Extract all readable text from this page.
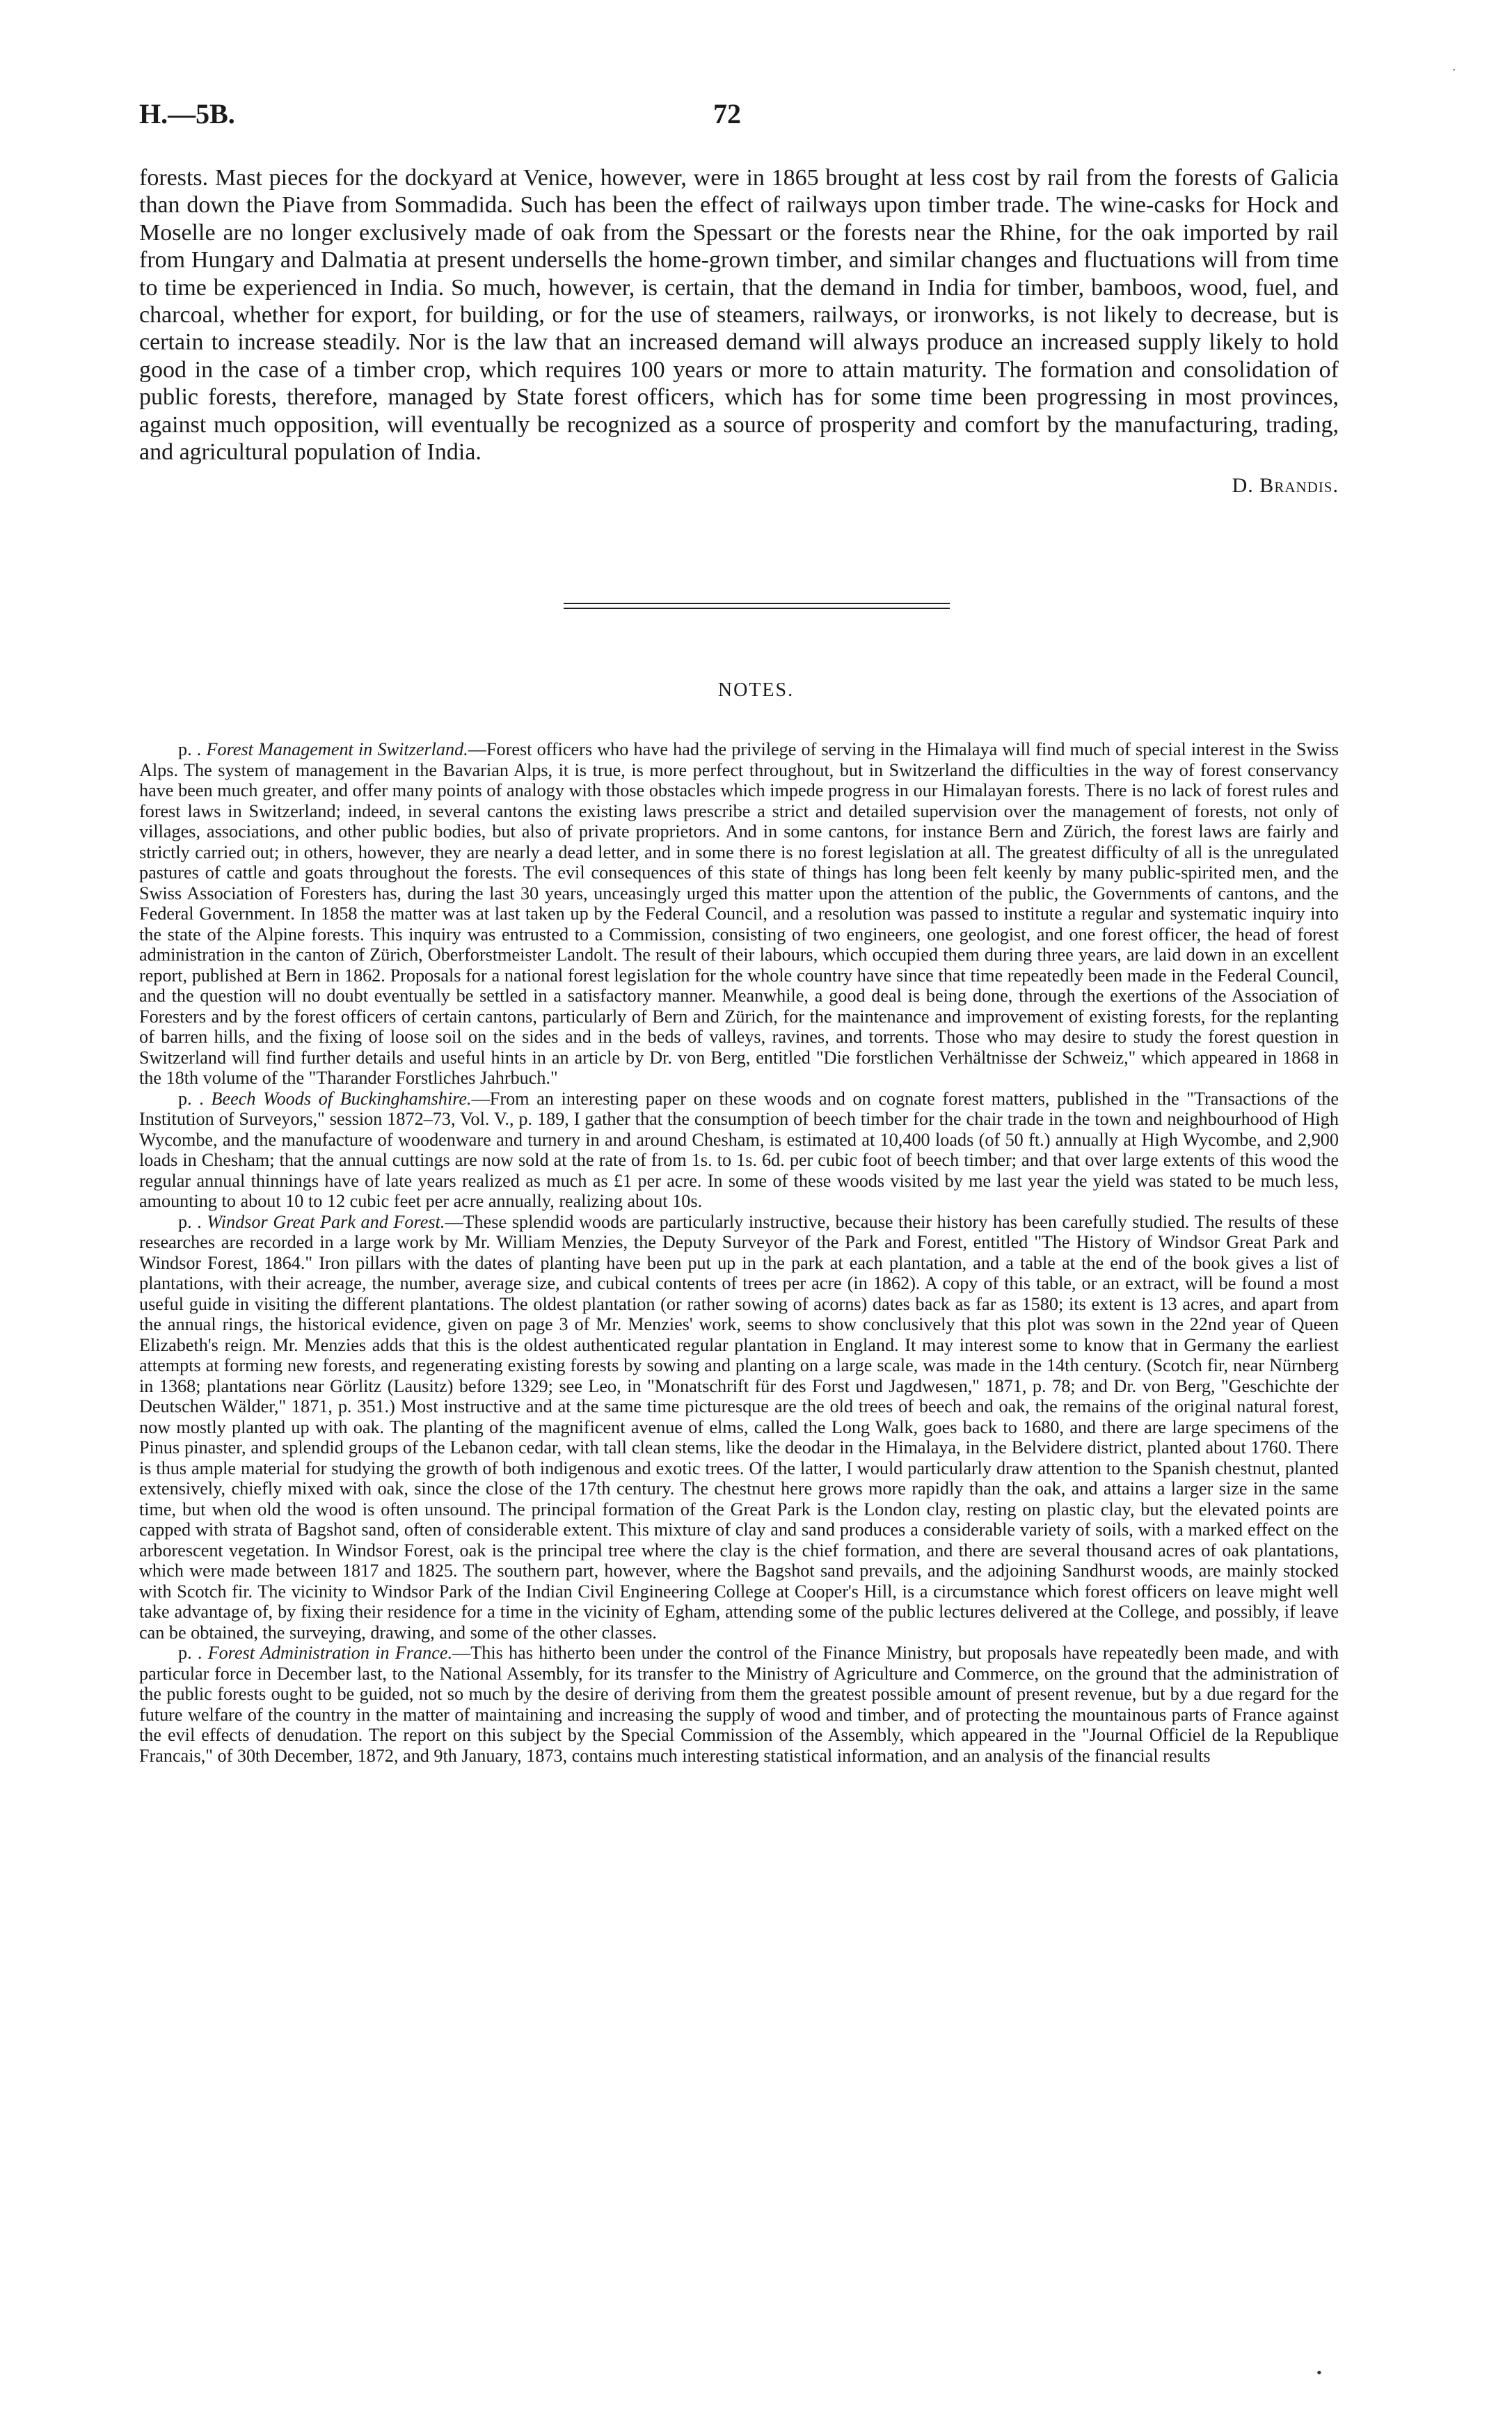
·
H.—5B.	72

forests. Mast pieces for the dockyard at Venice, however, were in 1865 brought at less cost by rail from the forests of Galicia than down the Piave from Sommadida. Such has been the effect of railways upon timber trade. The wine-casks for Hock and Moselle are no longer exclusively made of oak from the Spessart or the forests near the Rhine, for the oak imported by rail from Hungary and Dalmatia at present undersells the home-grown timber, and similar changes and fluctuations will from time to time be experienced in India. So much, however, is certain, that the demand in India for timber, bamboos, wood, fuel, and charcoal, whether for export, for building, or for the use of steamers, railways, or ironworks, is not likely to decrease, but is certain to increase steadily. Nor is the law that an increased demand will always produce an increased supply likely to hold good in the case of a timber crop, which requires 100 years or more to attain maturity. The formation and consolidation of public forests, therefore, managed by State forest officers, which has for some time been progressing in most provinces, against much opposition, will eventually be recognized as a source of prosperity and comfort by the manufacturing, trading, and agricultural population of India.

D. Brandis.

NOTES.

p. . Forest Management in Switzerland.—Forest officers who have had the privilege of serving in the Himalaya will find much of special interest in the Swiss Alps. The system of management in the Bavarian Alps, it is true, is more perfect throughout, but in Switzerland the difficulties in the way of forest conservancy have been much greater, and offer many points of analogy with those obstacles which impede progress in our Himalayan forests. There is no lack of forest rules and forest laws in Switzerland; indeed, in several cantons the existing laws prescribe a strict and detailed supervision over the management of forests, not only of villages, associations, and other public bodies, but also of private proprietors. And in some cantons, for instance Bern and Zürich, the forest laws are fairly and strictly carried out; in others, however, they are nearly a dead letter, and in some there is no forest legislation at all. The greatest difficulty of all is the unregulated pastures of cattle and goats throughout the forests. The evil consequences of this state of things has long been felt keenly by many public-spirited men, and the Swiss Association of Foresters has, during the last 30 years, unceasingly urged this matter upon the attention of the public, the Governments of cantons, and the Federal Government. In 1858 the matter was at last taken up by the Federal Council, and a resolution was passed to institute a regular and systematic inquiry into the state of the Alpine forests. This inquiry was entrusted to a Commission, consisting of two engineers, one geologist, and one forest officer, the head of forest administration in the canton of Zürich, Oberforstmeister Landolt. The result of their labours, which occupied them during three years, are laid down in an excellent report, published at Bern in 1862. Proposals for a national forest legislation for the whole country have since that time repeatedly been made in the Federal Council, and the question will no doubt eventually be settled in a satisfactory manner. Meanwhile, a good deal is being done, through the exertions of the Association of Foresters and by the forest officers of certain cantons, particularly of Bern and Zürich, for the maintenance and improvement of existing forests, for the replanting of barren hills, and the fixing of loose soil on the sides and in the beds of valleys, ravines, and torrents. Those who may desire to study the forest question in Switzerland will find further details and useful hints in an article by Dr. von Berg, entitled "Die forstlichen Verhältnisse der Schweiz," which appeared in 1868 in the 18th volume of the "Tharander Forstliches Jahrbuch."

p. . Beech Woods of Buckinghamshire.—From an interesting paper on these woods and on cognate forest matters, published in the "Transactions of the Institution of Surveyors," session 1872–73, Vol. V., p. 189, I gather that the consumption of beech timber for the chair trade in the town and neighbourhood of High Wycombe, and the manufacture of woodenware and turnery in and around Chesham, is estimated at 10,400 loads (of 50 ft.) annually at High Wycombe, and 2,900 loads in Chesham; that the annual cuttings are now sold at the rate of from 1s. to 1s. 6d. per cubic foot of beech timber; and that over large extents of this wood the regular annual thinnings have of late years realized as much as £1 per acre. In some of these woods visited by me last year the yield was stated to be much less, amounting to about 10 to 12 cubic feet per acre annually, realizing about 10s.

p. . Windsor Great Park and Forest.—These splendid woods are particularly instructive, because their history has been carefully studied. The results of these researches are recorded in a large work by Mr. William Menzies, the Deputy Surveyor of the Park and Forest, entitled "The History of Windsor Great Park and Windsor Forest, 1864." Iron pillars with the dates of planting have been put up in the park at each plantation, and a table at the end of the book gives a list of plantations, with their acreage, the number, average size, and cubical contents of trees per acre (in 1862). A copy of this table, or an extract, will be found a most useful guide in visiting the different plantations. The oldest plantation (or rather sowing of acorns) dates back as far as 1580; its extent is 13 acres, and apart from the annual rings, the historical evidence, given on page 3 of Mr. Menzies' work, seems to show conclusively that this plot was sown in the 22nd year of Queen Elizabeth's reign. Mr. Menzies adds that this is the oldest authenticated regular plantation in England. It may interest some to know that in Germany the earliest attempts at forming new forests, and regenerating existing forests by sowing and planting on a large scale, was made in the 14th century. (Scotch fir, near Nürnberg in 1368; plantations near Görlitz (Lausitz) before 1329; see Leo, in "Monatschrift für des Forst und Jagdwesen," 1871, p. 78; and Dr. von Berg, "Geschichte der Deutschen Wälder," 1871, p. 351.) Most instructive and at the same time picturesque are the old trees of beech and oak, the remains of the original natural forest, now mostly planted up with oak. The planting of the magnificent avenue of elms, called the Long Walk, goes back to 1680, and there are large specimens of the Pinus pinaster, and splendid groups of the Lebanon cedar, with tall clean stems, like the deodar in the Himalaya, in the Belvidere district, planted about 1760. There is thus ample material for studying the growth of both indigenous and exotic trees. Of the latter, I would particularly draw attention to the Spanish chestnut, planted extensively, chiefly mixed with oak, since the close of the 17th century. The chestnut here grows more rapidly than the oak, and attains a larger size in the same time, but when old the wood is often unsound. The principal formation of the Great Park is the London clay, resting on plastic clay, but the elevated points are capped with strata of Bagshot sand, often of considerable extent. This mixture of clay and sand produces a considerable variety of soils, with a marked effect on the arborescent vegetation. In Windsor Forest, oak is the principal tree where the clay is the chief formation, and there are several thousand acres of oak plantations, which were made between 1817 and 1825. The southern part, however, where the Bagshot sand prevails, and the adjoining Sandhurst woods, are mainly stocked with Scotch fir. The vicinity to Windsor Park of the Indian Civil Engineering College at Cooper's Hill, is a circumstance which forest officers on leave might well take advantage of, by fixing their residence for a time in the vicinity of Egham, attending some of the public lectures delivered at the College, and possibly, if leave can be obtained, the surveying, drawing, and some of the other classes.

p. . Forest Administration in France.—This has hitherto been under the control of the Finance Ministry, but proposals have repeatedly been made, and with particular force in December last, to the National Assembly, for its transfer to the Ministry of Agriculture and Commerce, on the ground that the administration of the public forests ought to be guided, not so much by the desire of deriving from them the greatest possible amount of present revenue, but by a due regard for the future welfare of the country in the matter of maintaining and increasing the supply of wood and timber, and of protecting the mountainous parts of France against the evil effects of denudation. The report on this subject by the Special Commission of the Assembly, which appeared in the "Journal Officiel de la Republique Francais," of 30th December, 1872, and 9th January, 1873, contains much interesting statistical information, and an analysis of the financial results

•
